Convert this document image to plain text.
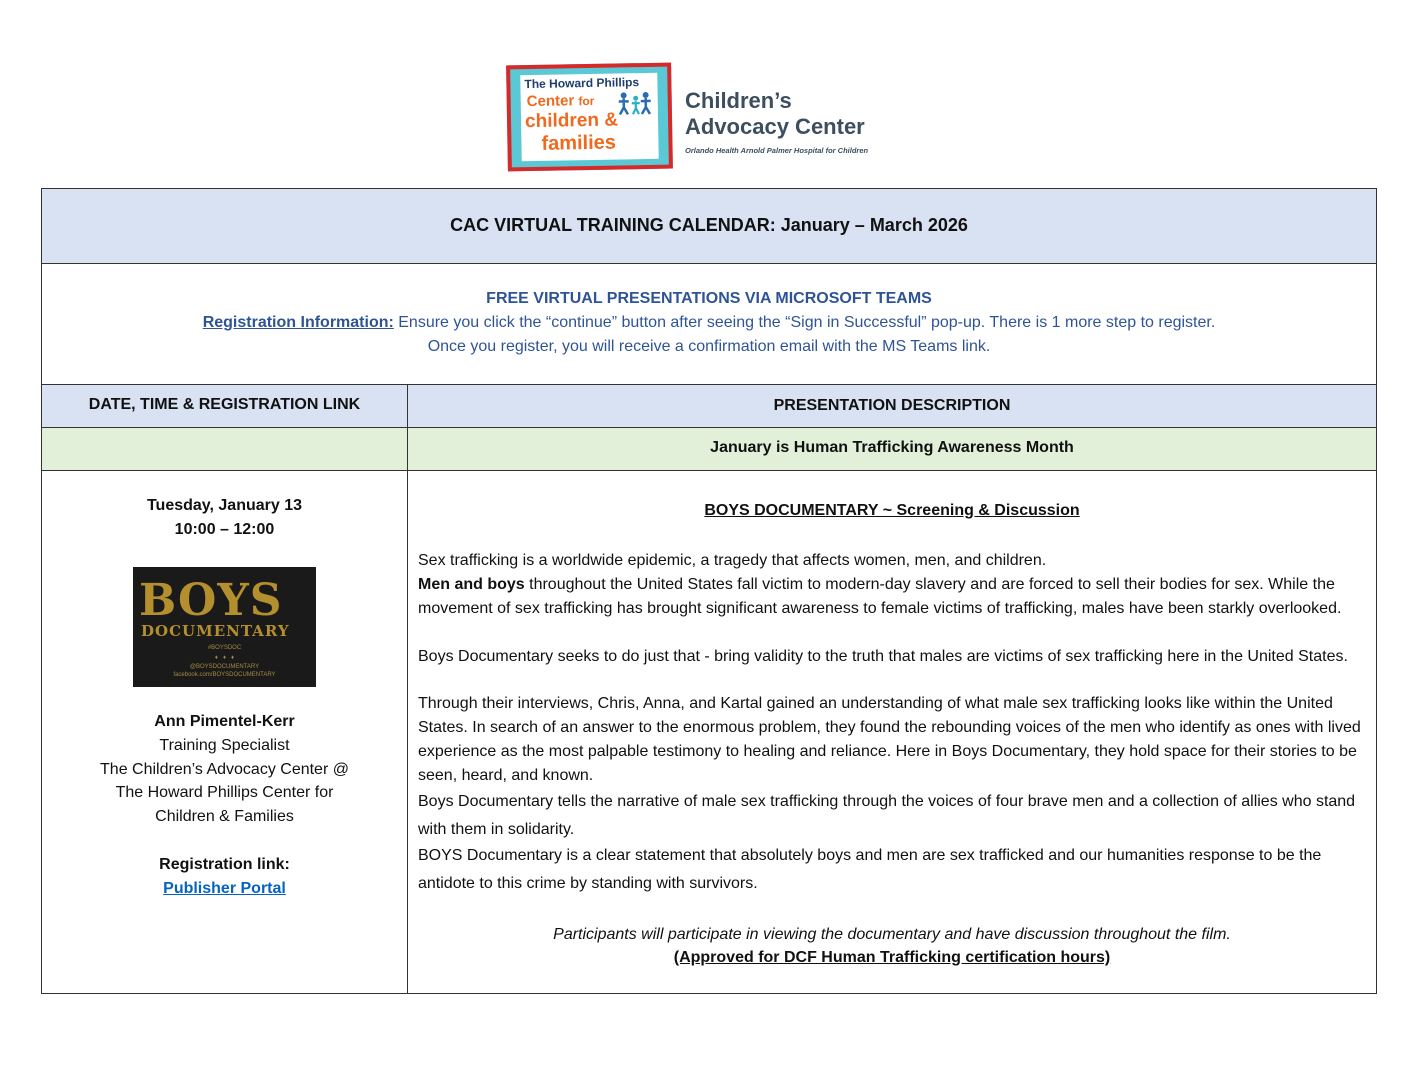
The Howard Phillips
Center for
children &
families
Children’s
Advocacy Center
Orlando Health Arnold Palmer Hospital for Children
CAC VIRTUAL TRAINING CALENDAR: January – March 2026
FREE VIRTUAL PRESENTATIONS VIA MICROSOFT TEAMS
Registration Information: Ensure you click the “continue” button after seeing the “Sign in Successful” pop-up. There is 1 more step to register.
Once you register, you will receive a confirmation email with the MS Teams link.
DATE, TIME & REGISTRATION LINK	PRESENTATION DESCRIPTION
January is Human Trafficking Awareness Month
Tuesday, January 13
10:00 – 12:00
BOYS
DOCUMENTARY
#BOYSDOC
♦   ♦   ♦
@BOYSDOCUMENTARY
facebook.com/BOYSDOCUMENTARY
Ann Pimentel-Kerr
Training Specialist
The Children’s Advocacy Center @
The Howard Phillips Center for
Children & Families
Registration link:
Publisher Portal
BOYS DOCUMENTARY ~ Screening & Discussion
Sex trafficking is a worldwide epidemic, a tragedy that affects women, men, and children.
Men and boys throughout the United States fall victim to modern-day slavery and are forced to sell their bodies for sex. While the movement of sex trafficking has brought significant awareness to female victims of trafficking, males have been starkly overlooked.
Boys Documentary seeks to do just that - bring validity to the truth that males are victims of sex trafficking here in the United States.
Through their interviews, Chris, Anna, and Kartal gained an understanding of what male sex trafficking looks like within the United States. In search of an answer to the enormous problem, they found the rebounding voices of the men who identify as ones with lived experience as the most palpable testimony to healing and reliance. Here in Boys Documentary, they hold space for their stories to be seen, heard, and known.
Boys Documentary tells the narrative of male sex trafficking through the voices of four brave men and a collection of allies who stand with them in solidarity.
BOYS Documentary is a clear statement that absolutely boys and men are sex trafficked and our humanities response to be the antidote to this crime by standing with survivors.
Participants will participate in viewing the documentary and have discussion throughout the film.
(Approved for DCF Human Trafficking certification hours)
